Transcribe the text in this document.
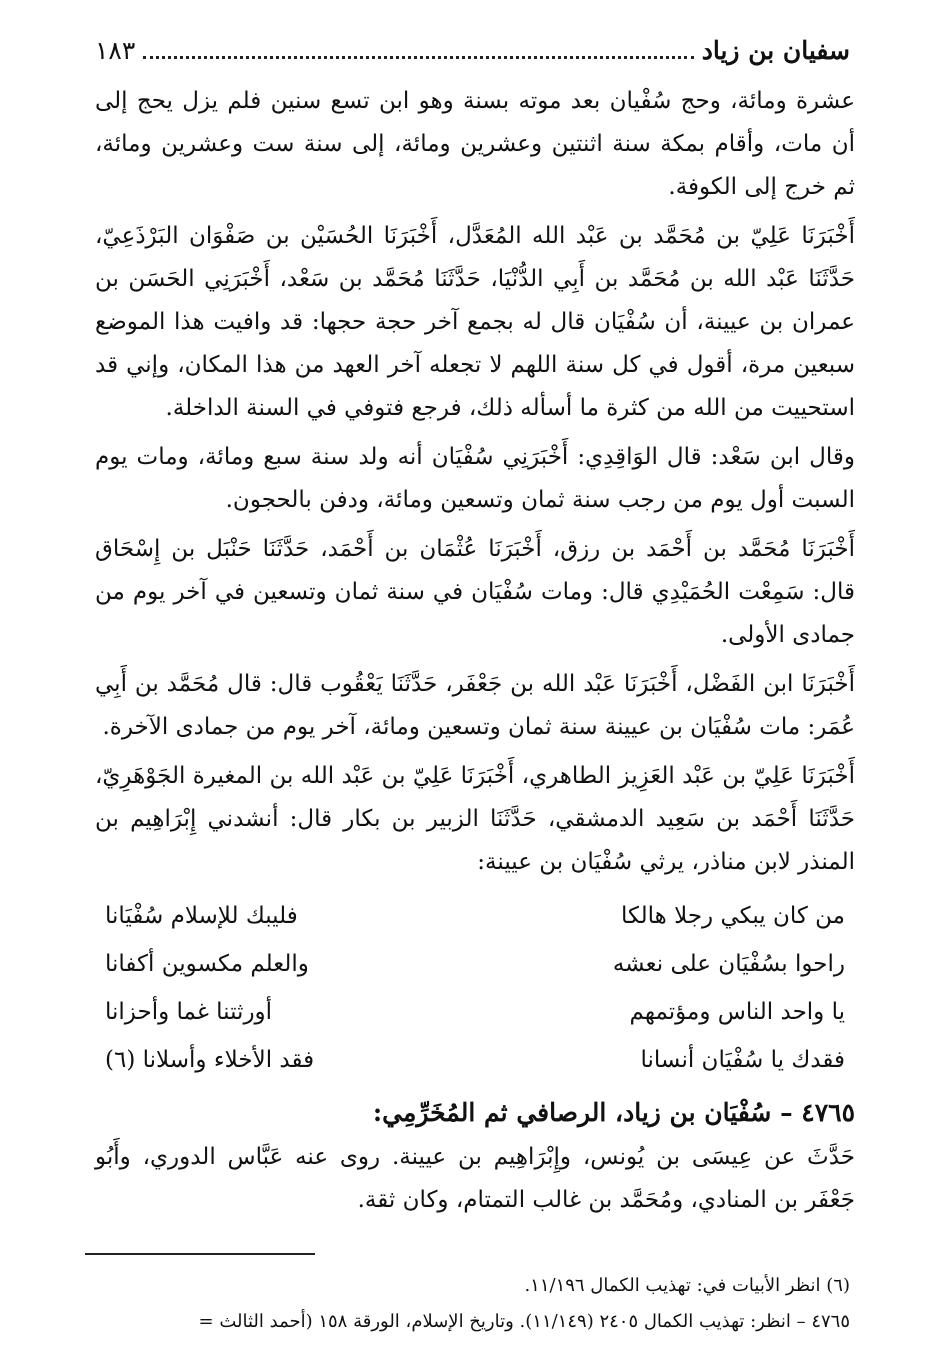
سفيان بن زياد
١٨٣

عشرة ومائة، وحج سُفْيان بعد موته بسنة وهو ابن تسع سنين فلم يزل يحج إلى أن مات، وأقام بمكة سنة اثنتين وعشرين ومائة، إلى سنة ست وعشرين ومائة، ثم خرج إلى الكوفة.

أَخْبَرَنَا عَلِيّ بن مُحَمَّد بن عَبْد الله المُعَدَّل، أَخْبَرَنَا الحُسَيْن بن صَفْوَان البَرْذَعِيّ، حَدَّثَنَا عَبْد الله بن مُحَمَّد بن أَبِي الدُّنْيَا، حَدَّثَنَا مُحَمَّد بن سَعْد، أَخْبَرَنِي الحَسَن بن عمران بن عيينة، أن سُفْيَان قال له بجمع آخر حجة حجها: قد وافيت هذا الموضع سبعين مرة، أقول في كل سنة اللهم لا تجعله آخر العهد من هذا المكان، وإني قد استحييت من الله من كثرة ما أسأله ذلك، فرجع فتوفي في السنة الداخلة.

وقال ابن سَعْد: قال الوَاقِدِي: أَخْبَرَنِي سُفْيَان أنه ولد سنة سبع ومائة، ومات يوم السبت أول يوم من رجب سنة ثمان وتسعين ومائة، ودفن بالحجون.

أَخْبَرَنَا مُحَمَّد بن أَحْمَد بن رزق، أَخْبَرَنَا عُثْمَان بن أَحْمَد، حَدَّثَنَا حَنْبَل بن إِسْحَاق قال: سَمِعْت الحُمَيْدِي قال: ومات سُفْيَان في سنة ثمان وتسعين في آخر يوم من جمادى الأولى.

أَخْبَرَنَا ابن الفَضْل، أَخْبَرَنَا عَبْد الله بن جَعْفَر، حَدَّثَنَا يَعْقُوب قال: قال مُحَمَّد بن أَبِي عُمَر: مات سُفْيَان بن عيينة سنة ثمان وتسعين ومائة، آخر يوم من جمادى الآخرة.

أَخْبَرَنَا عَلِيّ بن عَبْد العَزِيز الطاهري، أَخْبَرَنَا عَلِيّ بن عَبْد الله بن المغيرة الجَوْهَرِيّ، حَدَّثَنَا أَحْمَد بن سَعِيد الدمشقي، حَدَّثَنَا الزبير بن بكار قال: أنشدني إِبْرَاهِيم بن المنذر لابن مناذر، يرثي سُفْيَان بن عيينة:

من كان يبكي رجلا هالكا
فليبك للإسلام سُفْيَانا
راحوا بسُفْيَان على نعشه
والعلم مكسوين أكفانا
يا واحد الناس ومؤتمهم
أورثتنا غما وأحزانا
فقدك يا سُفْيَان أنسانا
فقد الأخلاء وأسلانا (٦)
٤٧٦٥ – سُفْيَان بن زياد، الرصافي ثم المُخَرِّمِي:

حَدَّثَ عن عِيسَى بن يُونس، وإِبْرَاهِيم بن عيينة. روى عنه عَبَّاس الدوري، وأَبُو جَعْفَر بن المنادي، ومُحَمَّد بن غالب التمتام، وكان ثقة.

(٦) انظر الأبيات في: تهذيب الكمال ١١/١٩٦.

٤٧٦٥ – انظر: تهذيب الكمال ٢٤٠٥ (١١/١٤٩). وتاريخ الإسلام، الورقة ١٥٨ (أحمد الثالث =
